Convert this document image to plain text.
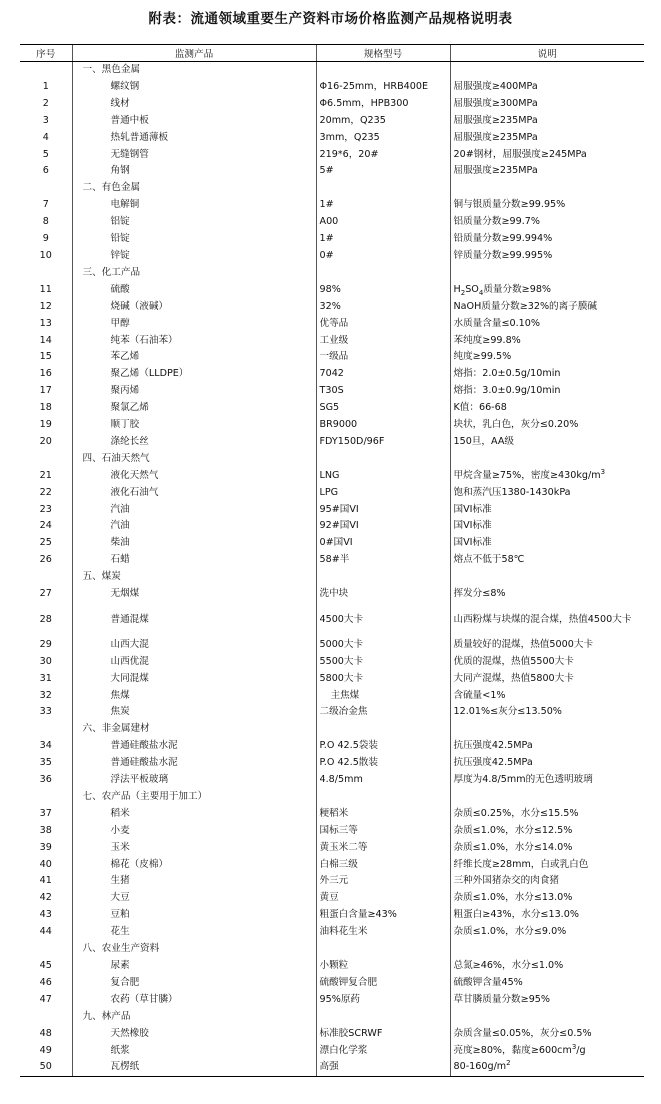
附表：流通领域重要生产资料市场价格监测产品规格说明表
序号	监测产品	规格型号	说明
	一、黑色金属		
1	螺纹钢	Φ16-25mm，HRB400E	屈服强度≥400MPa
2	线材	Φ6.5mm，HPB300	屈服强度≥300MPa
3	普通中板	20mm，Q235	屈服强度≥235MPa
4	热轧普通薄板	3mm，Q235	屈服强度≥235MPa
5	无缝钢管	219*6，20#	20#钢材，屈服强度≥245MPa
6	角钢	5#	屈服强度≥235MPa
	二、有色金属		
7	电解铜	1#	铜与银质量分数≥99.95%
8	铝锭	A00	铝质量分数≥99.7%
9	铅锭	1#	铅质量分数≥99.994%
10	锌锭	0#	锌质量分数≥99.995%
	三、化工产品		
11	硫酸	98%	$H_2SO_4$质量分数≥98%
12	烧碱（液碱）	32%	NaOH质量分数≥32%的离子膜碱
13	甲醇	优等品	水质量含量≤0.10%
14	纯苯（石油苯）	工业级	苯纯度≥99.8%
15	苯乙烯	一级品	纯度≥99.5%
16	聚乙烯（LLDPE）	7042	熔指：2.0±0.5g/10min
17	聚丙烯	T30S	熔指：3.0±0.9g/10min
18	聚氯乙烯	SG5	K值：66-68
19	顺丁胶	BR9000	块状，乳白色，灰分≤0.20%
20	涤纶长丝	FDY150D/96F	150旦，AA级
	四、石油天然气		
21	液化天然气	LNG	甲烷含量≥75%，密度$\ge 430kg/m^3$
22	液化石油气	LPG	饱和蒸汽压1380-1430kPa
23	汽油	95#国VI	国VI标准
24	汽油	92#国VI	国VI标准
25	柴油	0#国VI	国VI标准
26	石蜡	58#半	熔点不低于58℃
	五、煤炭		
27	无烟煤	洗中块	挥发分≤8%
28	普通混煤	4500大卡	山西粉煤与块煤的混合煤，热值4500大卡
29	山西大混	5000大卡	质量较好的混煤，热值5000大卡
30	山西优混	5500大卡	优质的混煤，热值5500大卡
31	大同混煤	5800大卡	大同产混煤，热值5800大卡
32	焦煤	主焦煤	含硫量<1%
33	焦炭	二级冶金焦	12.01%≤灰分≤13.50%
	六、非金属建材		
34	普通硅酸盐水泥	P.O 42.5袋装	抗压强度42.5MPa
35	普通硅酸盐水泥	P.O 42.5散装	抗压强度42.5MPa
36	浮法平板玻璃	4.8/5mm	厚度为4.8/5mm的无色透明玻璃
	七、农产品（主要用于加工）		
37	稻米	粳稻米	杂质≤0.25%，水分≤15.5%
38	小麦	国标三等	杂质≤1.0%，水分≤12.5%
39	玉米	黄玉米二等	杂质≤1.0%，水分≤14.0%
40	棉花（皮棉）	白棉三级	纤维长度≥28mm，白或乳白色
41	生猪	外三元	三种外国猪杂交的肉食猪
42	大豆	黄豆	杂质≤1.0%，水分≤13.0%
43	豆粕	粗蛋白含量≥43%	粗蛋白≥43%，水分≤13.0%
44	花生	油料花生米	杂质≤1.0%，水分≤9.0%
	八、农业生产资料		
45	尿素	小颗粒	总氮≥46%，水分≤1.0%
46	复合肥	硫酸钾复合肥	硫酸钾含量45%
47	农药（草甘膦）	95%原药	草甘膦质量分数≥95%
	九、林产品		
48	天然橡胶	标准胶SCRWF	杂质含量≤0.05%，灰分≤0.5%
49	纸浆	漂白化学浆	亮度≥80%，黏度$\ge 600cm^3/g$
50	瓦楞纸	高强	$80-160g/m^2$
